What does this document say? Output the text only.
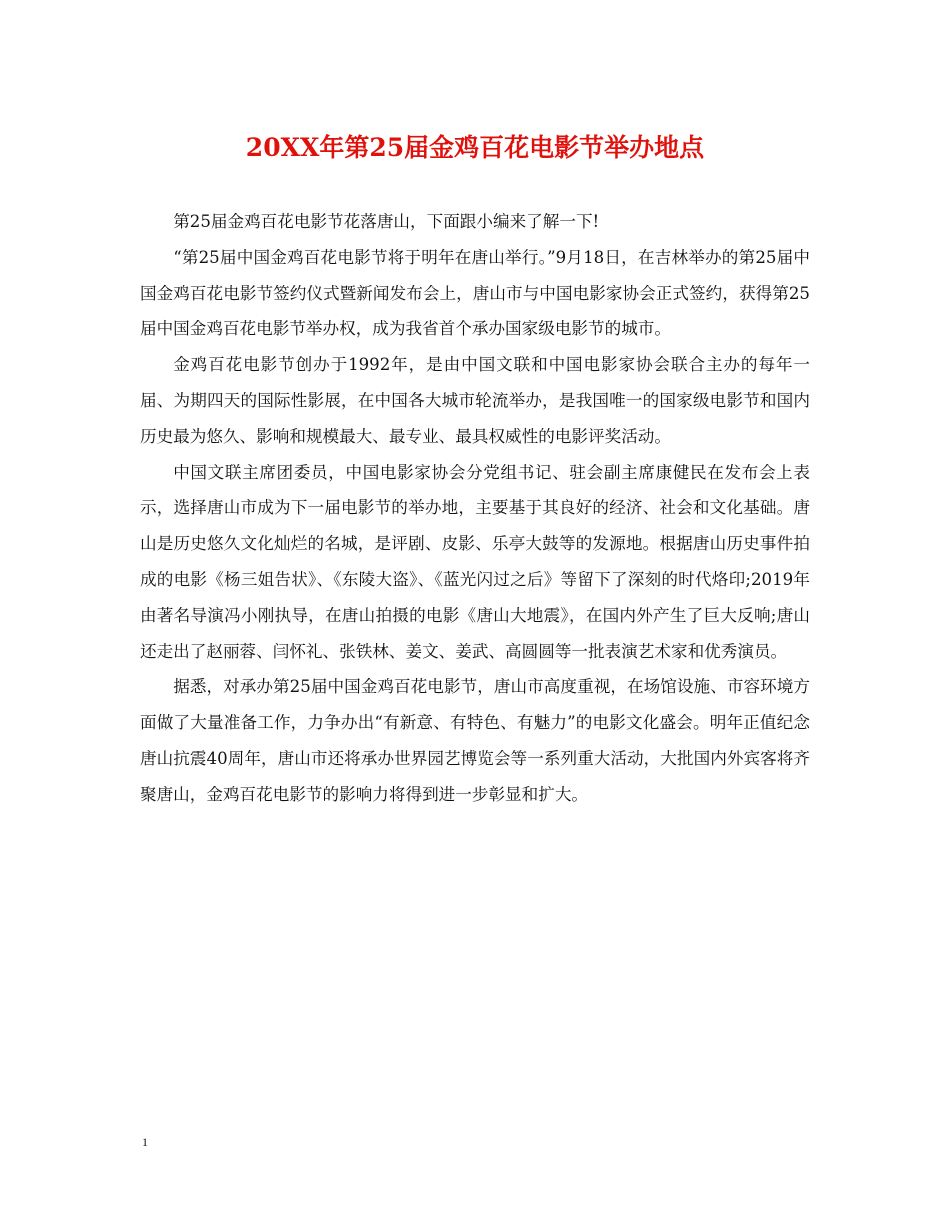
20XX年第25届金鸡百花电影节举办地点

第25届金鸡百花电影节花落唐山，下面跟小编来了解一下!

“第25届中国金鸡百花电影节将于明年在唐山举行。”9月18日，在吉林举办的第25届中国金鸡百花电影节签约仪式暨新闻发布会上，唐山市与中国电影家协会正式签约，获得第25届中国金鸡百花电影节举办权，成为我省首个承办国家级电影节的城市。

金鸡百花电影节创办于1992年，是由中国文联和中国电影家协会联合主办的每年一届、为期四天的国际性影展，在中国各大城市轮流举办，是我国唯一的国家级电影节和国内历史最为悠久、影响和规模最大、最专业、最具权威性的电影评奖活动。

中国文联主席团委员，中国电影家协会分党组书记、驻会副主席康健民在发布会上表示，选择唐山市成为下一届电影节的举办地，主要基于其良好的经济、社会和文化基础。唐山是历史悠久文化灿烂的名城，是评剧、皮影、乐亭大鼓等的发源地。根据唐山历史事件拍成的电影《杨三姐告状》、《东陵大盗》、《蓝光闪过之后》等留下了深刻的时代烙印;2019年由著名导演冯小刚执导，在唐山拍摄的电影《唐山大地震》，在国内外产生了巨大反响;唐山还走出了赵丽蓉、闫怀礼、张铁林、姜文、姜武、高圆圆等一批表演艺术家和优秀演员。

据悉，对承办第25届中国金鸡百花电影节，唐山市高度重视，在场馆设施、市容环境方面做了大量准备工作，力争办出“有新意、有特色、有魅力”的电影文化盛会。明年正值纪念唐山抗震40周年，唐山市还将承办世界园艺博览会等一系列重大活动，大批国内外宾客将齐聚唐山，金鸡百花电影节的影响力将得到进一步彰显和扩大。

1
